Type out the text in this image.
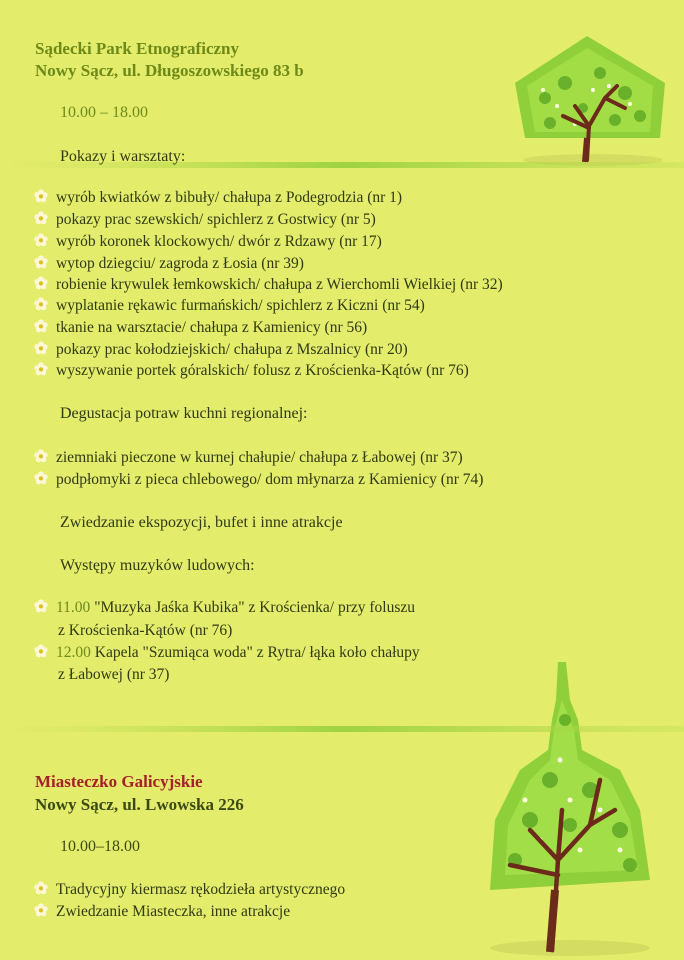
Sądecki Park Etnograficzny
Nowy Sącz, ul. Długoszowskiego 83 b
10.00 – 18.00
Pokazy i warsztaty:
wyrób kwiatków z bibuły/ chałupa z Podegrodzia (nr 1)
pokazy prac szewskich/ spichlerz z Gostwicy (nr 5)
wyrób koronek klockowych/ dwór z Rdzawy (nr 17)
wytop dziegciu/ zagroda z Łosia (nr 39)
robienie krywulek łemkowskich/ chałupa z Wierchomli Wielkiej (nr 32)
wyplatanie rękawic furmańskich/ spichlerz z Kiczni (nr 54)
tkanie na warsztacie/ chałupa z Kamienicy (nr 56)
pokazy prac kołodziejskich/ chałupa z Mszalnicy (nr 20)
wyszywanie portek góralskich/ folusz z Krościenka-Kątów (nr 76)
Degustacja potraw kuchni regionalnej:
ziemniaki pieczone w kurnej chałupie/ chałupa z Łabowej (nr 37)
podpłomyki z pieca chlebowego/ dom młynarza z Kamienicy (nr 74)
Zwiedzanie ekspozycji, bufet i inne atrakcje
Występy muzyków ludowych:
11.00 "Muzyka Jaśka Kubika" z Krościenka/ przy foluszu
z Krościenka-Kątów (nr 76)
12.00 Kapela "Szumiąca woda" z Rytra/ łąka koło chałupy
z Łabowej (nr 37)
Miasteczko Galicyjskie
Nowy Sącz, ul. Lwowska 226
10.00–18.00
Tradycyjny kiermasz rękodzieła artystycznego
Zwiedzanie Miasteczka, inne atrakcje
